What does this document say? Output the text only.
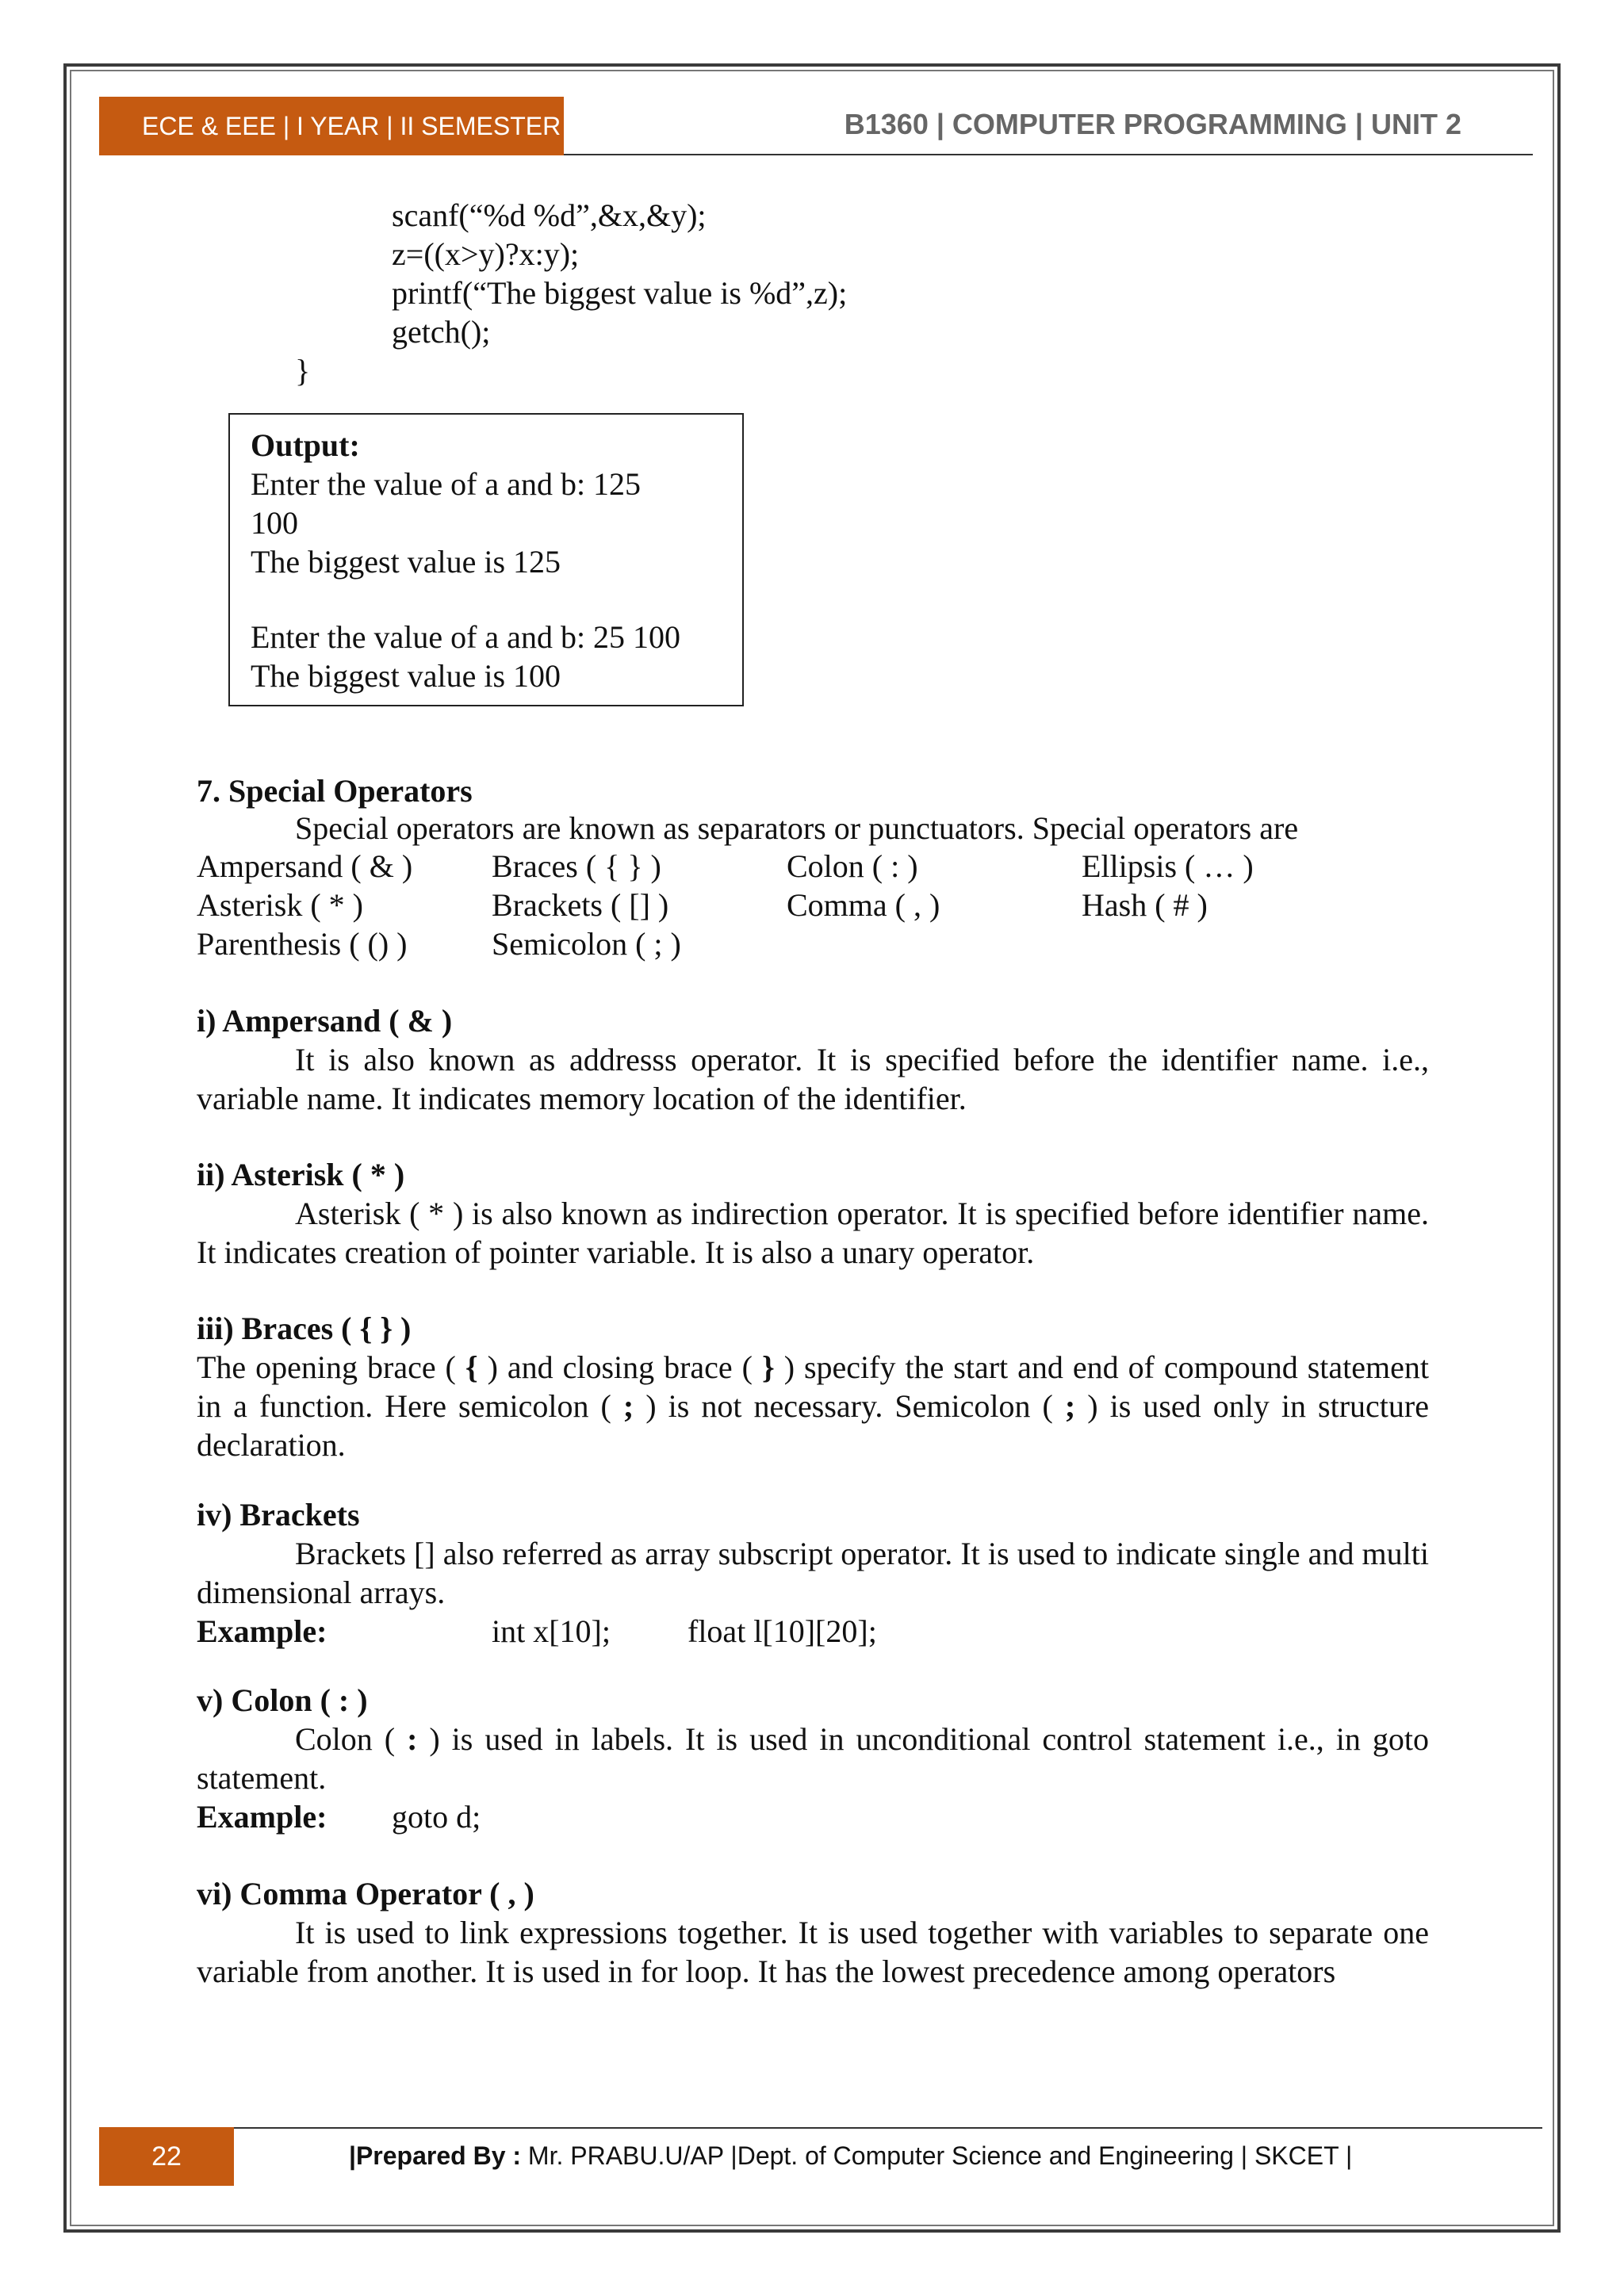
ECE & EEE | I YEAR | II SEMESTER	B1360 | COMPUTER PROGRAMMING | UNIT 2
scanf(“%d %d”,&x,&y);
z=((x>y)?x:y);
printf(“The biggest value is %d”,z);
getch();
}
Output:
Enter the value of a and b: 125
100
The biggest value is 125
Enter the value of a and b: 25 100
The biggest value is 100
7. Special Operators
Special operators are known as separators or punctuators. Special operators are
Ampersand ( & )	Braces ( { } )	Colon ( : )	Ellipsis ( … )
Asterisk ( * )	Brackets ( [] )	Comma ( , )	Hash ( # )
Parenthesis ( () )	Semicolon ( ; )
i) Ampersand ( & )
It is also known as addresss operator. It is specified before the identifier name. i.e., variable name. It indicates memory location of the identifier.
ii) Asterisk ( * )
Asterisk ( * ) is also known as indirection operator. It is specified before identifier name. It indicates creation of pointer variable. It is also a unary operator.
iii) Braces ( { } )
The opening brace ( { ) and closing brace ( } ) specify the start and end of compound statement in a function. Here semicolon ( ; ) is not necessary. Semicolon ( ; ) is used only in structure declaration.
iv) Brackets
Brackets [] also referred as array subscript operator. It is used to indicate single and multi dimensional arrays.
Example:	int x[10]; float l[10][20];
v) Colon ( : )
Colon ( : ) is used in labels. It is used in unconditional control statement i.e., in goto statement.
Example: goto d;
vi) Comma Operator ( , )
It is used to link expressions together. It is used together with variables to separate one variable from another. It is used in for loop. It has the lowest precedence among operators
22	|Prepared By : Mr. PRABU.U/AP |Dept. of Computer Science and Engineering | SKCET |
